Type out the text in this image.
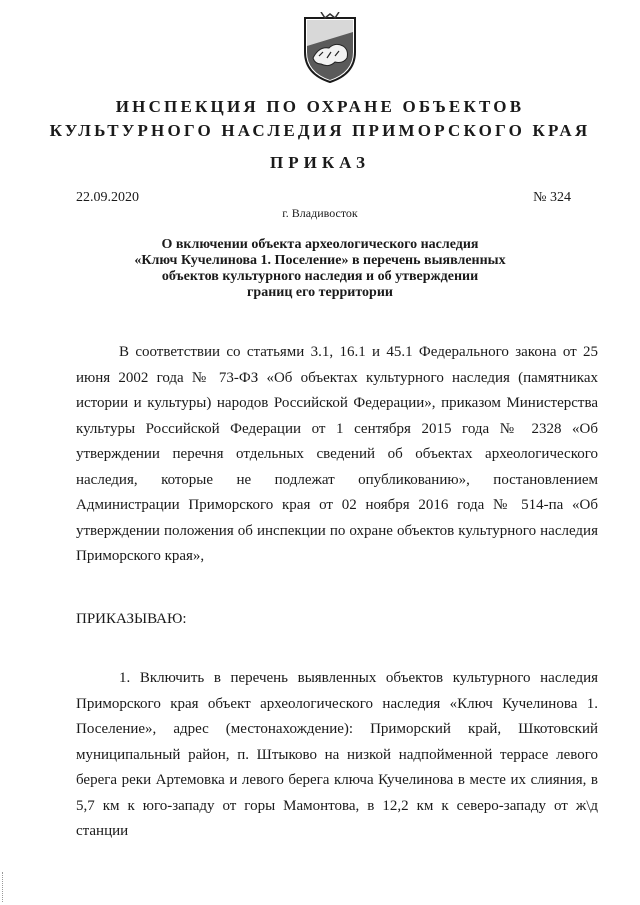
ИНСПЕКЦИЯ ПО ОХРАНЕ ОБЪЕКТОВ
КУЛЬТУРНОГО НАСЛЕДИЯ ПРИМОРСКОГО КРАЯ
ПРИКАЗ
22.09.2020	№ 324
г. Владивосток
О включении объекта археологического наследия
«Ключ Кучелинова 1. Поселение» в перечень выявленных
объектов культурного наследия и об утверждении
границ его территории
В соответствии со статьями 3.1, 16.1 и 45.1 Федерального закона от 25 июня 2002 года № 73-ФЗ «Об объектах культурного наследия (памятниках истории и культуры) народов Российской Федерации», приказом Министерства культуры Российской Федерации от 1 сентября 2015 года № 2328 «Об утверждении перечня отдельных сведений об объектах археологического наследия, которые не подлежат опубликованию», постановлением Администрации Приморского края от 02 ноября 2016 года № 514-па «Об утверждении положения об инспекции по охране объектов культурного наследия Приморского края»,
ПРИКАЗЫВАЮ:
1. Включить в перечень выявленных объектов культурного наследия Приморского края объект археологического наследия «Ключ Кучелинова 1. Поселение», адрес (местонахождение): Приморский край, Шкотовский муниципальный район, п. Штыково на низкой надпойменной террасе левого берега реки Артемовка и левого берега ключа Кучелинова в месте их слияния, в 5,7 км к юго-западу от горы Мамонтова, в 12,2 км к северо-западу от ж\д станции
